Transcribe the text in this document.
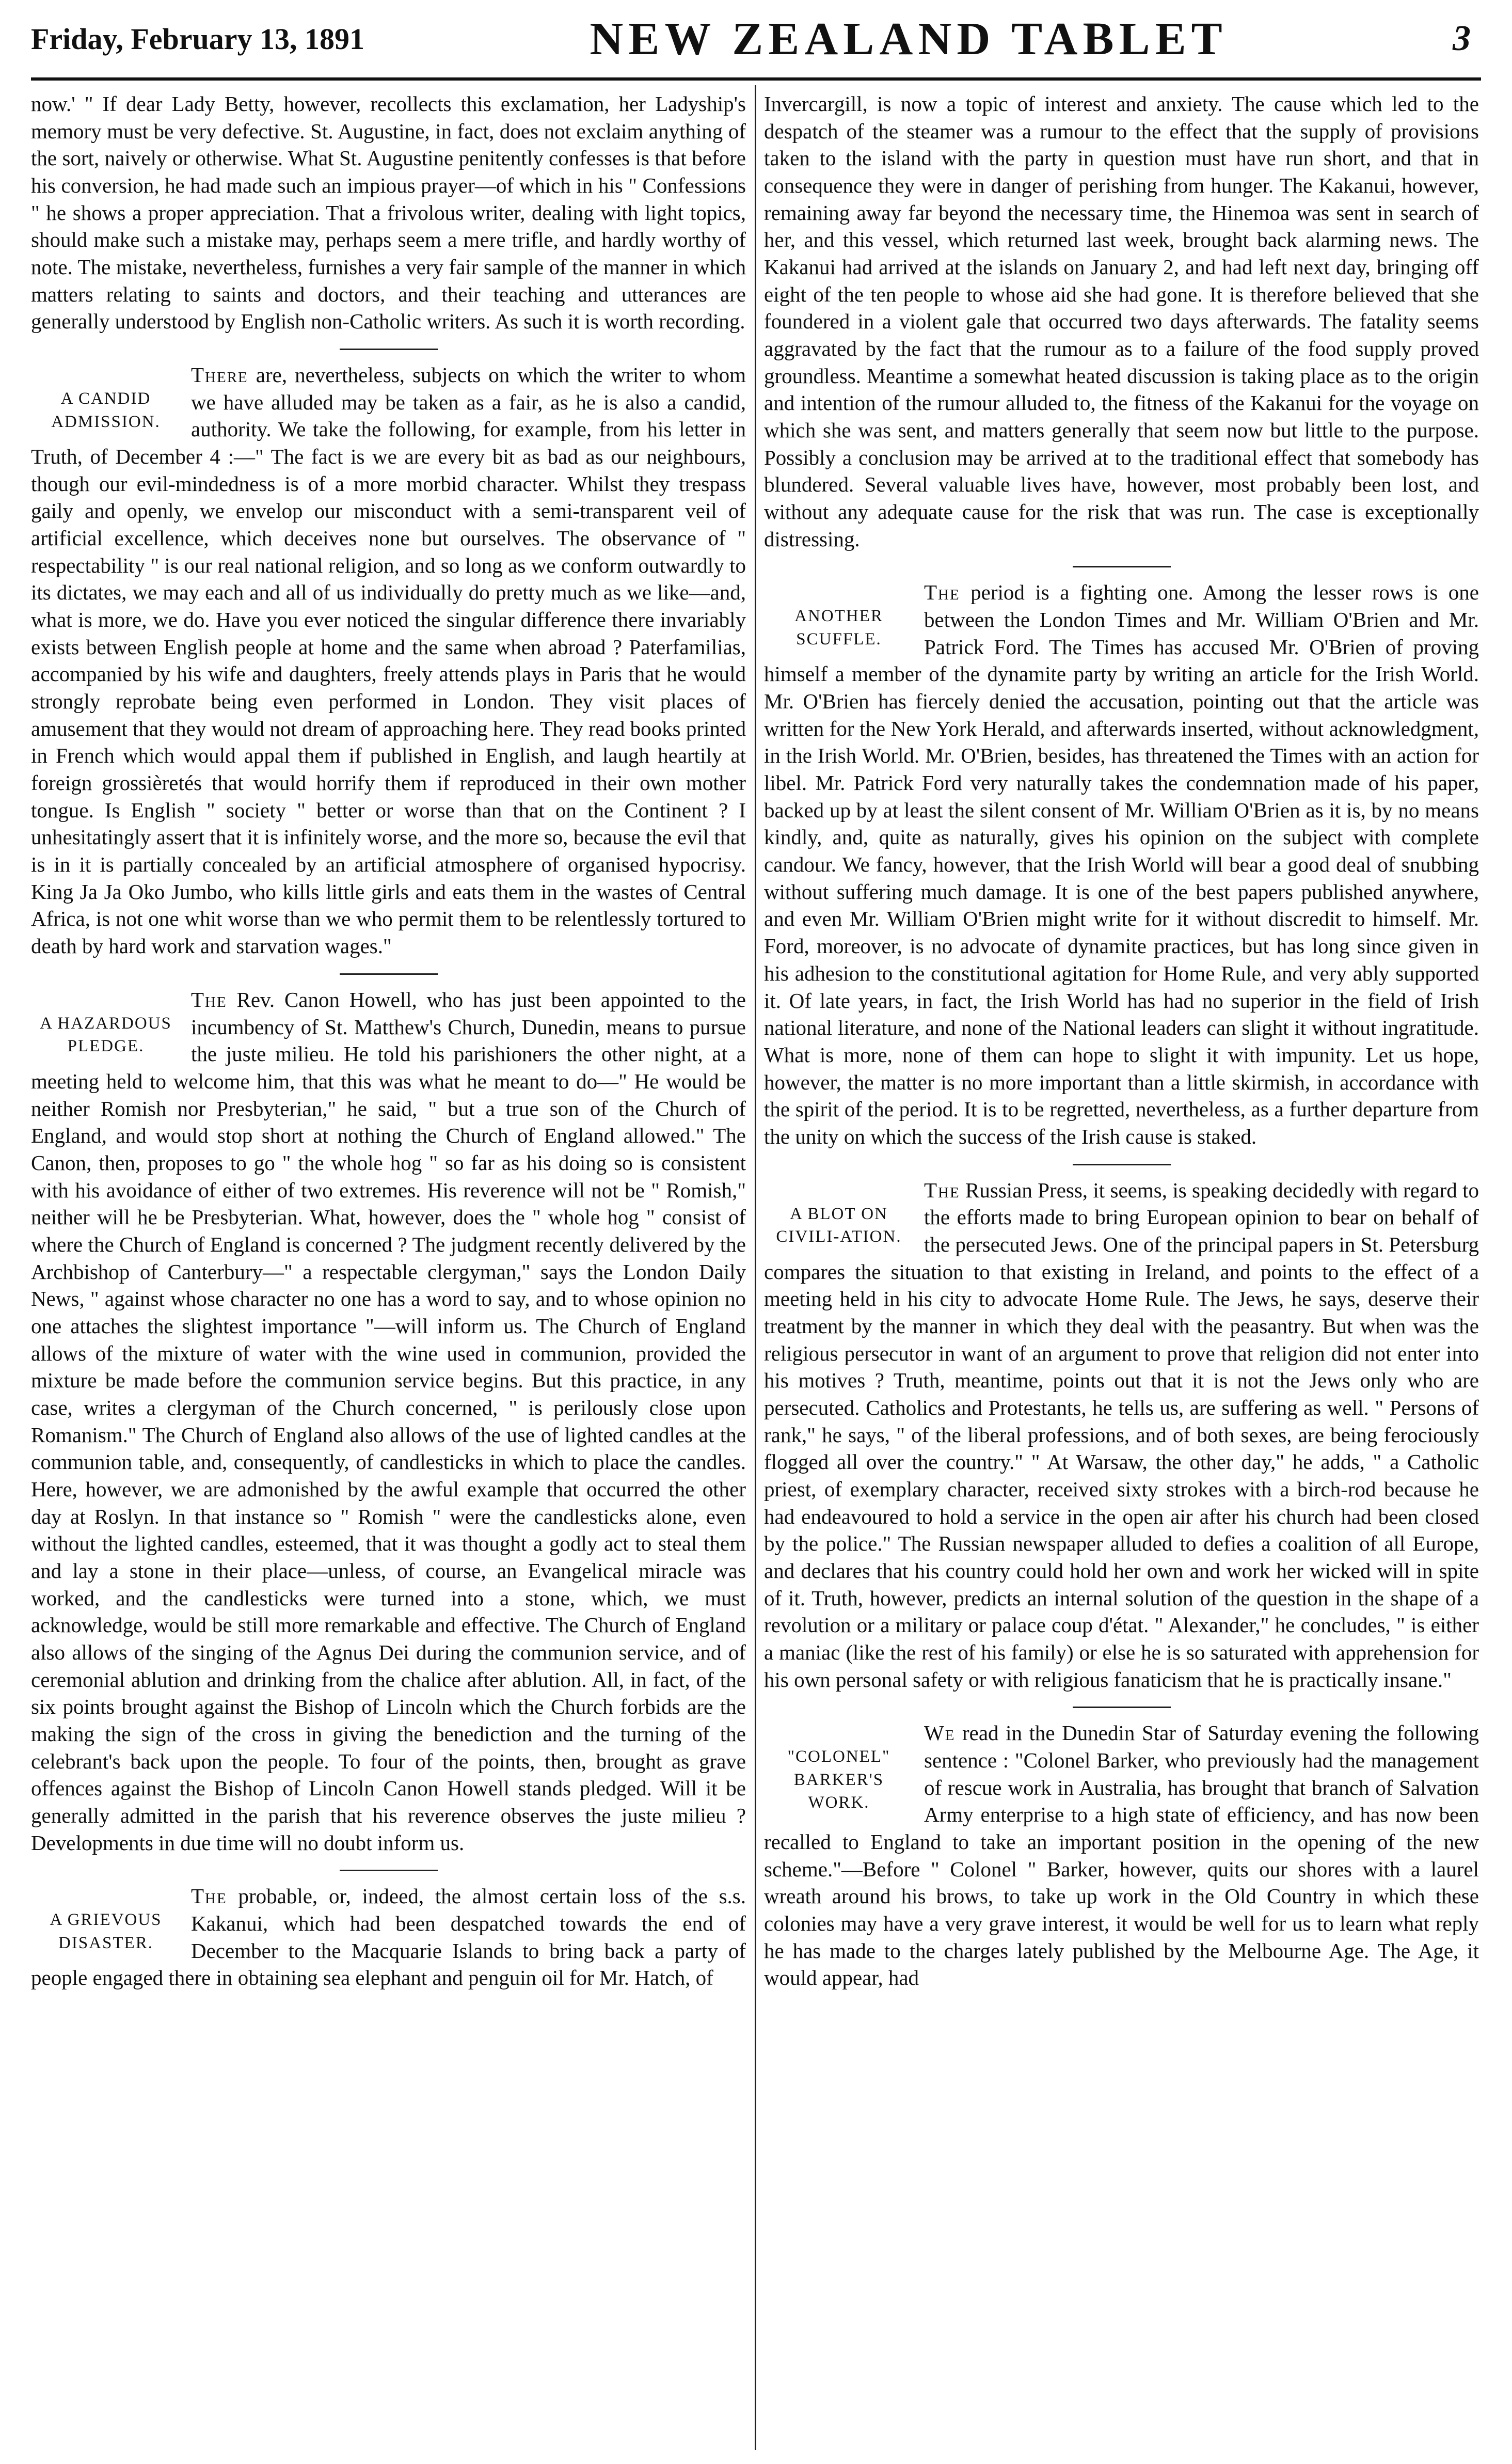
Friday, February 13, 1891	NEW ZEALAND TABLET	3

now.' " If dear Lady Betty, however, recollects this exclamation, her Ladyship's memory must be very defective. St. Augustine, in fact, does not exclaim anything of the sort, naively or otherwise. What St. Augustine penitently confesses is that before his conversion, he had made such an impious prayer—of which in his " Confessions " he shows a proper appreciation. That a frivolous writer, dealing with light topics, should make such a mistake may, perhaps seem a mere trifle, and hardly worthy of note. The mistake, nevertheless, furnishes a very fair sample of the manner in which matters relating to saints and doctors, and their teaching and utterances are generally understood by English non-Catholic writers. As such it is worth recording.

A CANDID ADMISSION.

There are, nevertheless, subjects on which the writer to whom we have alluded may be taken as a fair, as he is also a candid, authority. We take the following, for example, from his letter in Truth, of December 4 :—" The fact is we are every bit as bad as our neighbours, though our evil-mindedness is of a more morbid character. Whilst they trespass gaily and openly, we envelop our misconduct with a semi-transparent veil of artificial excellence, which deceives none but ourselves. The observance of " respectability " is our real national religion, and so long as we conform outwardly to its dictates, we may each and all of us individually do pretty much as we like—and, what is more, we do. Have you ever noticed the singular difference there invariably exists between English people at home and the same when abroad ? Paterfamilias, accompanied by his wife and daughters, freely attends plays in Paris that he would strongly reprobate being even performed in London. They visit places of amusement that they would not dream of approaching here. They read books printed in French which would appal them if published in English, and laugh heartily at foreign grossièretés that would horrify them if reproduced in their own mother tongue. Is English " society " better or worse than that on the Continent ? I unhesitatingly assert that it is infinitely worse, and the more so, because the evil that is in it is partially concealed by an artificial atmosphere of organised hypocrisy. King Ja Ja Oko Jumbo, who kills little girls and eats them in the wastes of Central Africa, is not one whit worse than we who permit them to be relentlessly tortured to death by hard work and starvation wages."

A HAZARDOUS PLEDGE.

The Rev. Canon Howell, who has just been appointed to the incumbency of St. Matthew's Church, Dunedin, means to pursue the juste milieu. He told his parishioners the other night, at a meeting held to welcome him, that this was what he meant to do—" He would be neither Romish nor Presbyterian," he said, " but a true son of the Church of England, and would stop short at nothing the Church of England allowed." The Canon, then, proposes to go " the whole hog " so far as his doing so is consistent with his avoidance of either of two extremes. His reverence will not be " Romish," neither will he be Presbyterian. What, however, does the " whole hog " consist of where the Church of England is concerned ? The judgment recently delivered by the Archbishop of Canterbury—" a respectable clergyman," says the London Daily News, " against whose character no one has a word to say, and to whose opinion no one attaches the slightest importance "—will inform us. The Church of England allows of the mixture of water with the wine used in communion, provided the mixture be made before the communion service begins. But this practice, in any case, writes a clergyman of the Church concerned, " is perilously close upon Romanism." The Church of England also allows of the use of lighted candles at the communion table, and, consequently, of candlesticks in which to place the candles. Here, however, we are admonished by the awful example that occurred the other day at Roslyn. In that instance so " Romish " were the candlesticks alone, even without the lighted candles, esteemed, that it was thought a godly act to steal them and lay a stone in their place—unless, of course, an Evangelical miracle was worked, and the candlesticks were turned into a stone, which, we must acknowledge, would be still more remarkable and effective. The Church of England also allows of the singing of the Agnus Dei during the communion service, and of ceremonial ablution and drinking from the chalice after ablution. All, in fact, of the six points brought against the Bishop of Lincoln which the Church forbids are the making the sign of the cross in giving the benediction and the turning of the celebrant's back upon the people. To four of the points, then, brought as grave offences against the Bishop of Lincoln Canon Howell stands pledged. Will it be generally admitted in the parish that his reverence observes the juste milieu ? Developments in due time will no doubt inform us.

A GRIEVOUS DISASTER.

The probable, or, indeed, the almost certain loss of the s.s. Kakanui, which had been despatched towards the end of December to the Macquarie Islands to bring back a party of people engaged there in obtaining sea elephant and penguin oil for Mr. Hatch, of

Invercargill, is now a topic of interest and anxiety. The cause which led to the despatch of the steamer was a rumour to the effect that the supply of provisions taken to the island with the party in question must have run short, and that in consequence they were in danger of perishing from hunger. The Kakanui, however, remaining away far beyond the necessary time, the Hinemoa was sent in search of her, and this vessel, which returned last week, brought back alarming news. The Kakanui had arrived at the islands on January 2, and had left next day, bringing off eight of the ten people to whose aid she had gone. It is therefore believed that she foundered in a violent gale that occurred two days afterwards. The fatality seems aggravated by the fact that the rumour as to a failure of the food supply proved groundless. Meantime a somewhat heated discussion is taking place as to the origin and intention of the rumour alluded to, the fitness of the Kakanui for the voyage on which she was sent, and matters generally that seem now but little to the purpose. Possibly a conclusion may be arrived at to the traditional effect that somebody has blundered. Several valuable lives have, however, most probably been lost, and without any adequate cause for the risk that was run. The case is exceptionally distressing.

ANOTHER SCUFFLE.

The period is a fighting one. Among the lesser rows is one between the London Times and Mr. William O'Brien and Mr. Patrick Ford. The Times has accused Mr. O'Brien of proving himself a member of the dynamite party by writing an article for the Irish World. Mr. O'Brien has fiercely denied the accusation, pointing out that the article was written for the New York Herald, and afterwards inserted, without acknowledgment, in the Irish World. Mr. O'Brien, besides, has threatened the Times with an action for libel. Mr. Patrick Ford very naturally takes the condemnation made of his paper, backed up by at least the silent consent of Mr. William O'Brien as it is, by no means kindly, and, quite as naturally, gives his opinion on the subject with complete candour. We fancy, however, that the Irish World will bear a good deal of snubbing without suffering much damage. It is one of the best papers published anywhere, and even Mr. William O'Brien might write for it without discredit to himself. Mr. Ford, moreover, is no advocate of dynamite practices, but has long since given in his adhesion to the constitutional agitation for Home Rule, and very ably supported it. Of late years, in fact, the Irish World has had no superior in the field of Irish national literature, and none of the National leaders can slight it without ingratitude. What is more, none of them can hope to slight it with impunity. Let us hope, however, the matter is no more important than a little skirmish, in accordance with the spirit of the period. It is to be regretted, nevertheless, as a further departure from the unity on which the success of the Irish cause is staked.

A BLOT ON CIVILI-ATION.

The Russian Press, it seems, is speaking decidedly with regard to the efforts made to bring European opinion to bear on behalf of the persecuted Jews. One of the principal papers in St. Petersburg compares the situation to that existing in Ireland, and points to the effect of a meeting held in his city to advocate Home Rule. The Jews, he says, deserve their treatment by the manner in which they deal with the peasantry. But when was the religious persecutor in want of an argument to prove that religion did not enter into his motives ? Truth, meantime, points out that it is not the Jews only who are persecuted. Catholics and Protestants, he tells us, are suffering as well. " Persons of rank," he says, " of the liberal professions, and of both sexes, are being ferociously flogged all over the country." " At Warsaw, the other day," he adds, " a Catholic priest, of exemplary character, received sixty strokes with a birch-rod because he had endeavoured to hold a service in the open air after his church had been closed by the police." The Russian newspaper alluded to defies a coalition of all Europe, and declares that his country could hold her own and work her wicked will in spite of it. Truth, however, predicts an internal solution of the question in the shape of a revolution or a military or palace coup d'état. " Alexander," he concludes, " is either a maniac (like the rest of his family) or else he is so saturated with apprehension for his own personal safety or with religious fanaticism that he is practically insane."

"COLONEL" BARKER'S WORK.

We read in the Dunedin Star of Saturday evening the following sentence : "Colonel Barker, who previously had the management of rescue work in Australia, has brought that branch of Salvation Army enterprise to a high state of efficiency, and has now been recalled to England to take an important position in the opening of the new scheme."—Before " Colonel " Barker, however, quits our shores with a laurel wreath around his brows, to take up work in the Old Country in which these colonies may have a very grave interest, it would be well for us to learn what reply he has made to the charges lately published by the Melbourne Age. The Age, it would appear, had
